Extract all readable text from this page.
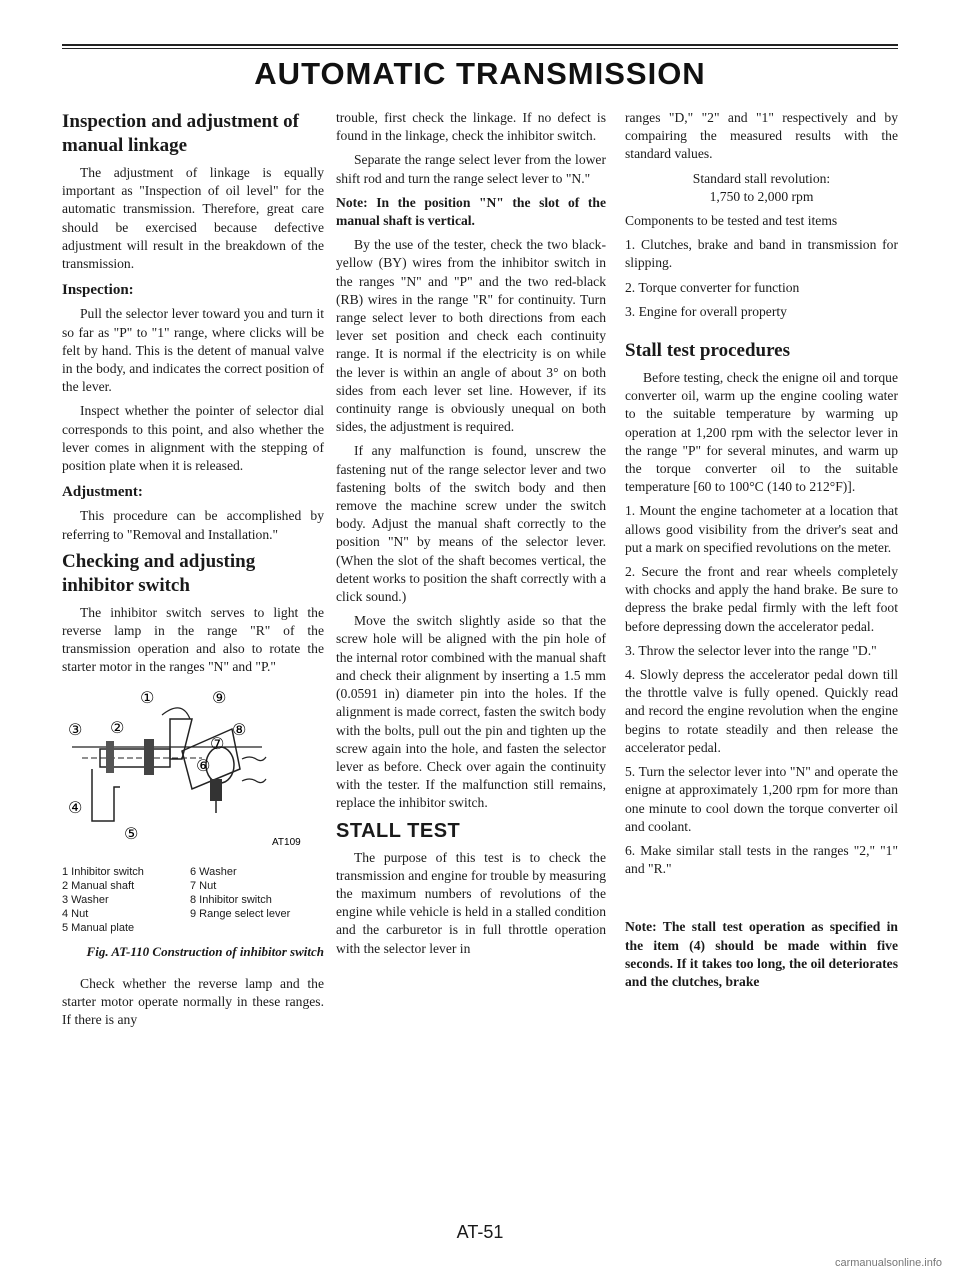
AUTOMATIC TRANSMISSION
Inspection and adjustment of manual linkage

The adjustment of linkage is equally important as "Inspection of oil level" for the automatic transmission. Therefore, great care should be exercised because defective adjustment will result in the breakdown of the transmission.

Inspection:

Pull the selector lever toward you and turn it so far as "P" to "1" range, where clicks will be felt by hand. This is the detent of manual valve in the body, and indicates the correct position of the lever.

Inspect whether the pointer of selector dial corresponds to this point, and also whether the lever comes in alignment with the stepping of position plate when it is released.

Adjustment:

This procedure can be accomplished by referring to "Removal and Installation."

Checking and adjusting inhibitor switch

The inhibitor switch serves to light the reverse lamp in the range "R" of the transmission operation and also to rotate the starter motor in the ranges "N" and "P."

①
②
③
④
⑤
⑥
⑦
⑧
⑨
AT109
1 Inhibitor switch	6 Washer
2 Manual shaft	7 Nut
3 Washer	8 Inhibitor switch
4 Nut	9 Range select lever
5 Manual plate
Fig. AT-110 Construction of inhibitor switch

Check whether the reverse lamp and the starter motor operate normally in these ranges. If there is any

trouble, first check the linkage. If no defect is found in the linkage, check the inhibitor switch.

Separate the range select lever from the lower shift rod and turn the range select lever to "N."

Note: In the position "N" the slot of the manual shaft is vertical.

By the use of the tester, check the two black-yellow (BY) wires from the inhibitor switch in the ranges "N" and "P" and the two red-black (RB) wires in the range "R" for continuity. Turn range select lever to both directions from each lever set position and check each continuity range. It is normal if the electricity is on while the lever is within an angle of about 3° on both sides from each lever set line. However, if its continuity range is obviously unequal on both sides, the adjustment is required.

If any malfunction is found, unscrew the fastening nut of the range selector lever and two fastening bolts of the switch body and then remove the machine screw under the switch body. Adjust the manual shaft correctly to the position "N" by means of the selector lever. (When the slot of the shaft becomes vertical, the detent works to position the shaft correctly with a click sound.)

Move the switch slightly aside so that the screw hole will be aligned with the pin hole of the internal rotor combined with the manual shaft and check their alignment by inserting a 1.5 mm (0.0591 in) diameter pin into the holes. If the alignment is made correct, fasten the switch body with the bolts, pull out the pin and tighten up the screw again into the hole, and fasten the selector lever as before. Check over again the continuity with the tester. If the malfunction still remains, replace the inhibitor switch.

STALL TEST

The purpose of this test is to check the transmission and engine for trouble by measuring the maximum numbers of revolutions of the engine while vehicle is held in a stalled condition and the carburetor is in full throttle operation with the selector lever in

ranges "D," "2" and "1" respectively and by compairing the measured results with the standard values.

Standard stall revolution:

1,750 to 2,000 rpm

Components to be tested and test items

1. Clutches, brake and band in transmission for slipping.

2. Torque converter for function

3. Engine for overall property

Stall test procedures

Before testing, check the enigne oil and torque converter oil, warm up the engine cooling water to the suitable temperature by warming up operation at 1,200 rpm with the selector lever in the range "P" for several minutes, and warm up the torque converter oil to the suitable temperature [60 to 100°C (140 to 212°F)].

1. Mount the engine tachometer at a location that allows good visibility from the driver's seat and put a mark on specified revolutions on the meter.

2. Secure the front and rear wheels completely with chocks and apply the hand brake. Be sure to depress the brake pedal firmly with the left foot before depressing down the accelerator pedal.

3. Throw the selector lever into the range "D."

4. Slowly depress the accelerator pedal down till the throttle valve is fully opened. Quickly read and record the engine revolution when the engine begins to rotate steadily and then release the accelerator pedal.

5. Turn the selector lever into "N" and operate the enigne at approximately 1,200 rpm for more than one minute to cool down the torque converter oil and coolant.

6. Make similar stall tests in the ranges "2," "1" and "R."

Note: The stall test operation as specified in the item (4) should be made within five seconds. If it takes too long, the oil deteriorates and the clutches, brake

AT-51
carmanualsonline.info
